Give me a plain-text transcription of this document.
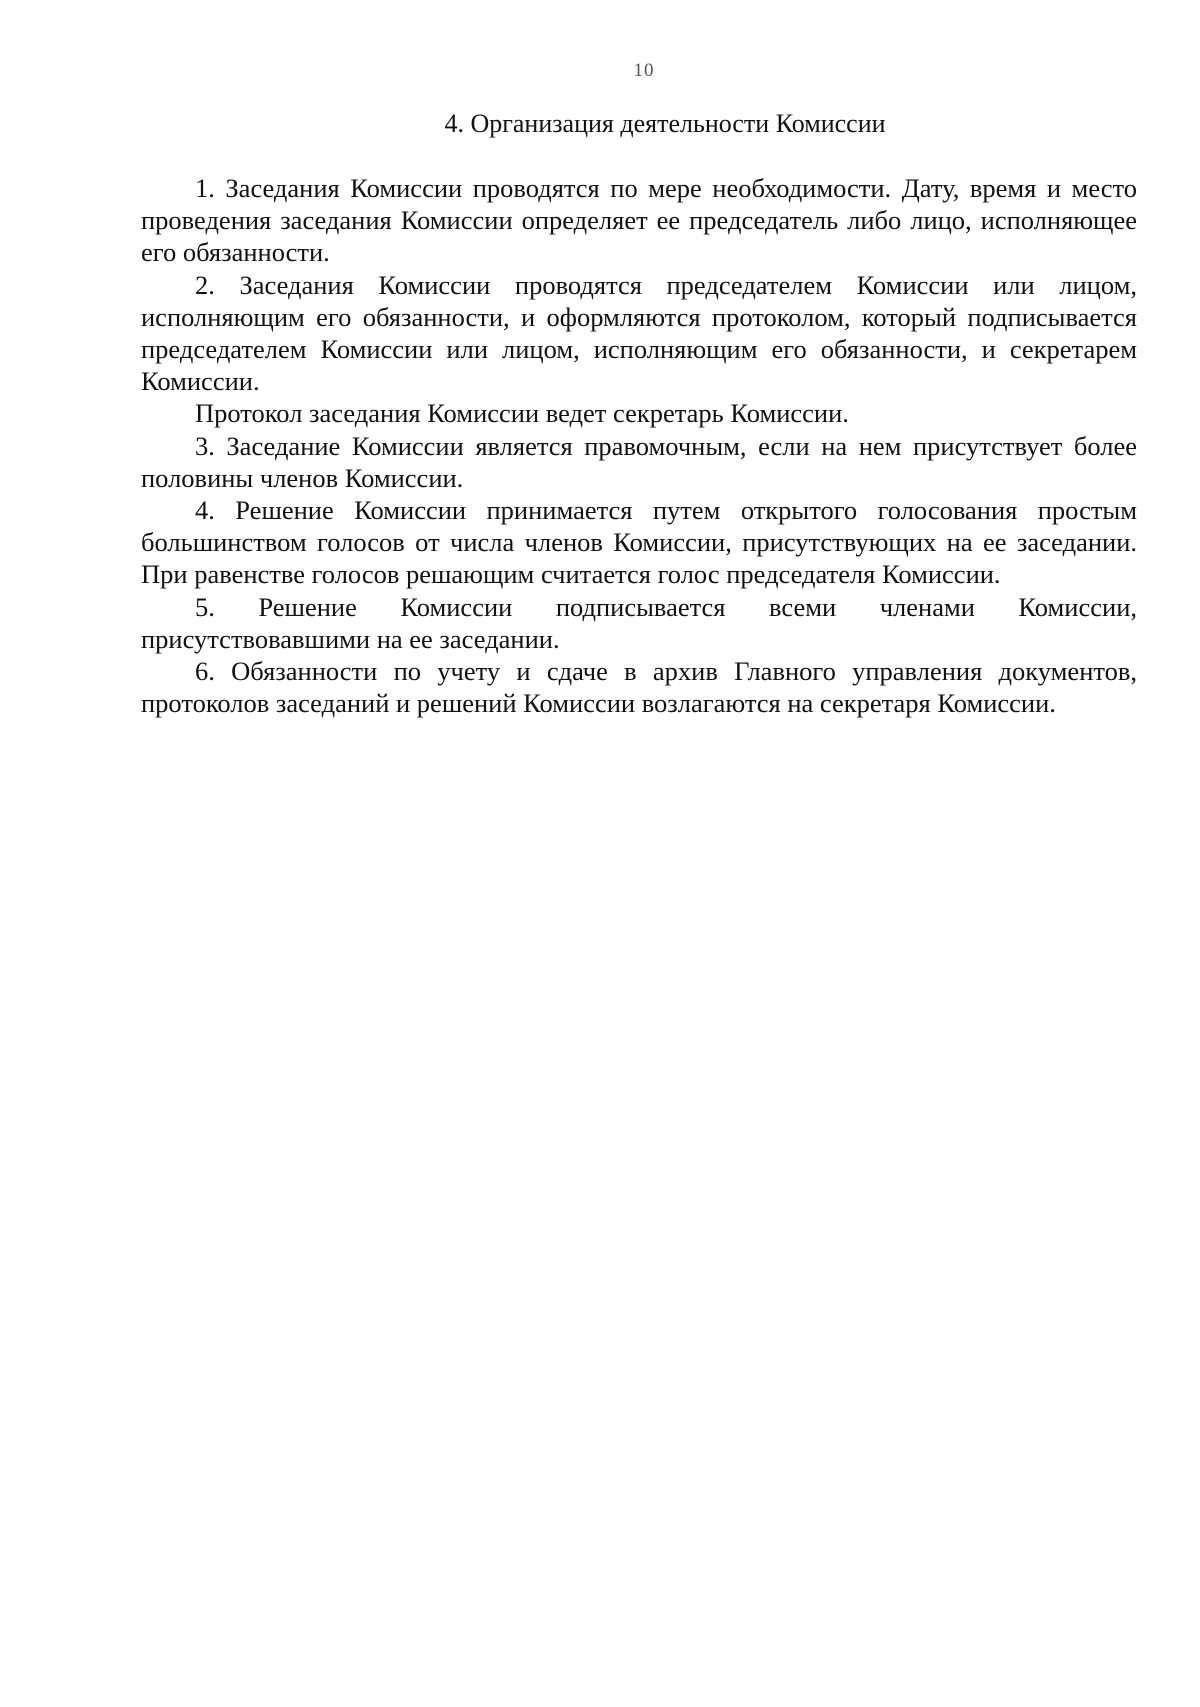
10
4. Организация деятельности Комиссии

1. Заседания Комиссии проводятся по мере необходимости. Дату, время и место проведения заседания Комиссии определяет ее председатель либо лицо, исполняющее его обязанности.

2. Заседания Комиссии проводятся председателем Комиссии или лицом, исполняющим его обязанности, и оформляются протоколом, который подписывается председателем Комиссии или лицом, исполняющим его обязанности, и секретарем Комиссии.

Протокол заседания Комиссии ведет секретарь Комиссии.

3. Заседание Комиссии является правомочным, если на нем присутствует более половины членов Комиссии.

4. Решение Комиссии принимается путем открытого голосования простым большинством голосов от числа членов Комиссии, присутствующих на ее заседании. При равенстве голосов решающим считается голос председателя Комиссии.

5. Решение Комиссии подписывается всеми членами Комиссии, присутствовавшими на ее заседании.

6. Обязанности по учету и сдаче в архив Главного управления документов, протоколов заседаний и решений Комиссии возлагаются на секретаря Комиссии.
